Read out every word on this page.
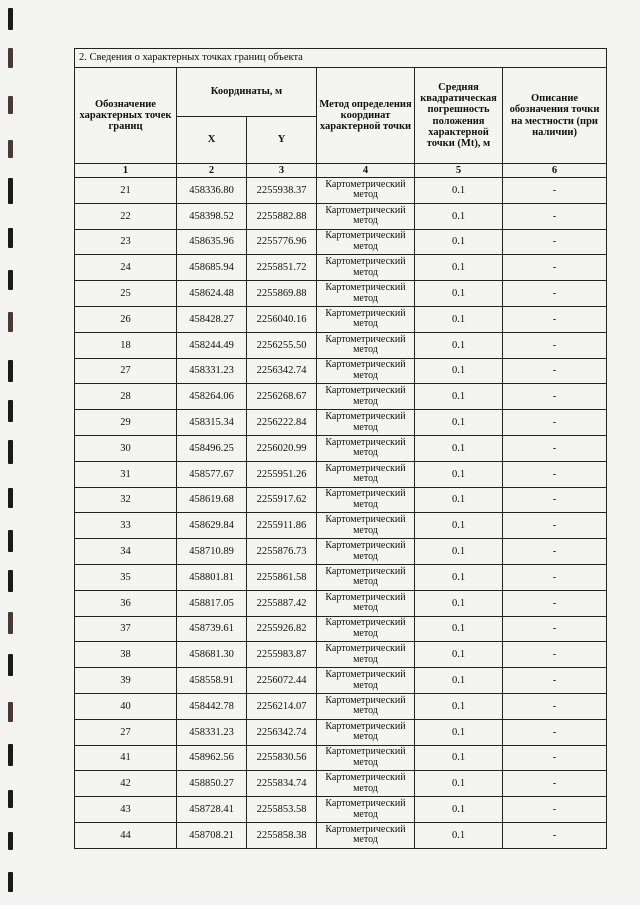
2. Сведения о характерных точках границ объекта					
Обозначение характерных точек границ	Координаты, м		Метод определения координат характерной точки	Средняя квадратическая погрешность положения характерной точки (Mt), м	Описание обозначения точки на местности (при наличии)
	X	Y			
1	2	3	4	5	6
21	458336.80	2255938.37	Картометрический метод	0.1	-
22	458398.52	2255882.88	Картометрический метод	0.1	-
23	458635.96	2255776.96	Картометрический метод	0.1	-
24	458685.94	2255851.72	Картометрический метод	0.1	-
25	458624.48	2255869.88	Картометрический метод	0.1	-
26	458428.27	2256040.16	Картометрический метод	0.1	-
18	458244.49	2256255.50	Картометрический метод	0.1	-
27	458331.23	2256342.74	Картометрический метод	0.1	-
28	458264.06	2256268.67	Картометрический метод	0.1	-
29	458315.34	2256222.84	Картометрический метод	0.1	-
30	458496.25	2256020.99	Картометрический метод	0.1	-
31	458577.67	2255951.26	Картометрический метод	0.1	-
32	458619.68	2255917.62	Картометрический метод	0.1	-
33	458629.84	2255911.86	Картометрический метод	0.1	-
34	458710.89	2255876.73	Картометрический метод	0.1	-
35	458801.81	2255861.58	Картометрический метод	0.1	-
36	458817.05	2255887.42	Картометрический метод	0.1	-
37	458739.61	2255926.82	Картометрический метод	0.1	-
38	458681.30	2255983.87	Картометрический метод	0.1	-
39	458558.91	2256072.44	Картометрический метод	0.1	-
40	458442.78	2256214.07	Картометрический метод	0.1	-
27	458331.23	2256342.74	Картометрический метод	0.1	-
41	458962.56	2255830.56	Картометрический метод	0.1	-
42	458850.27	2255834.74	Картометрический метод	0.1	-
43	458728.41	2255853.58	Картометрический метод	0.1	-
44	458708.21	2255858.38	Картометрический метод	0.1	-
